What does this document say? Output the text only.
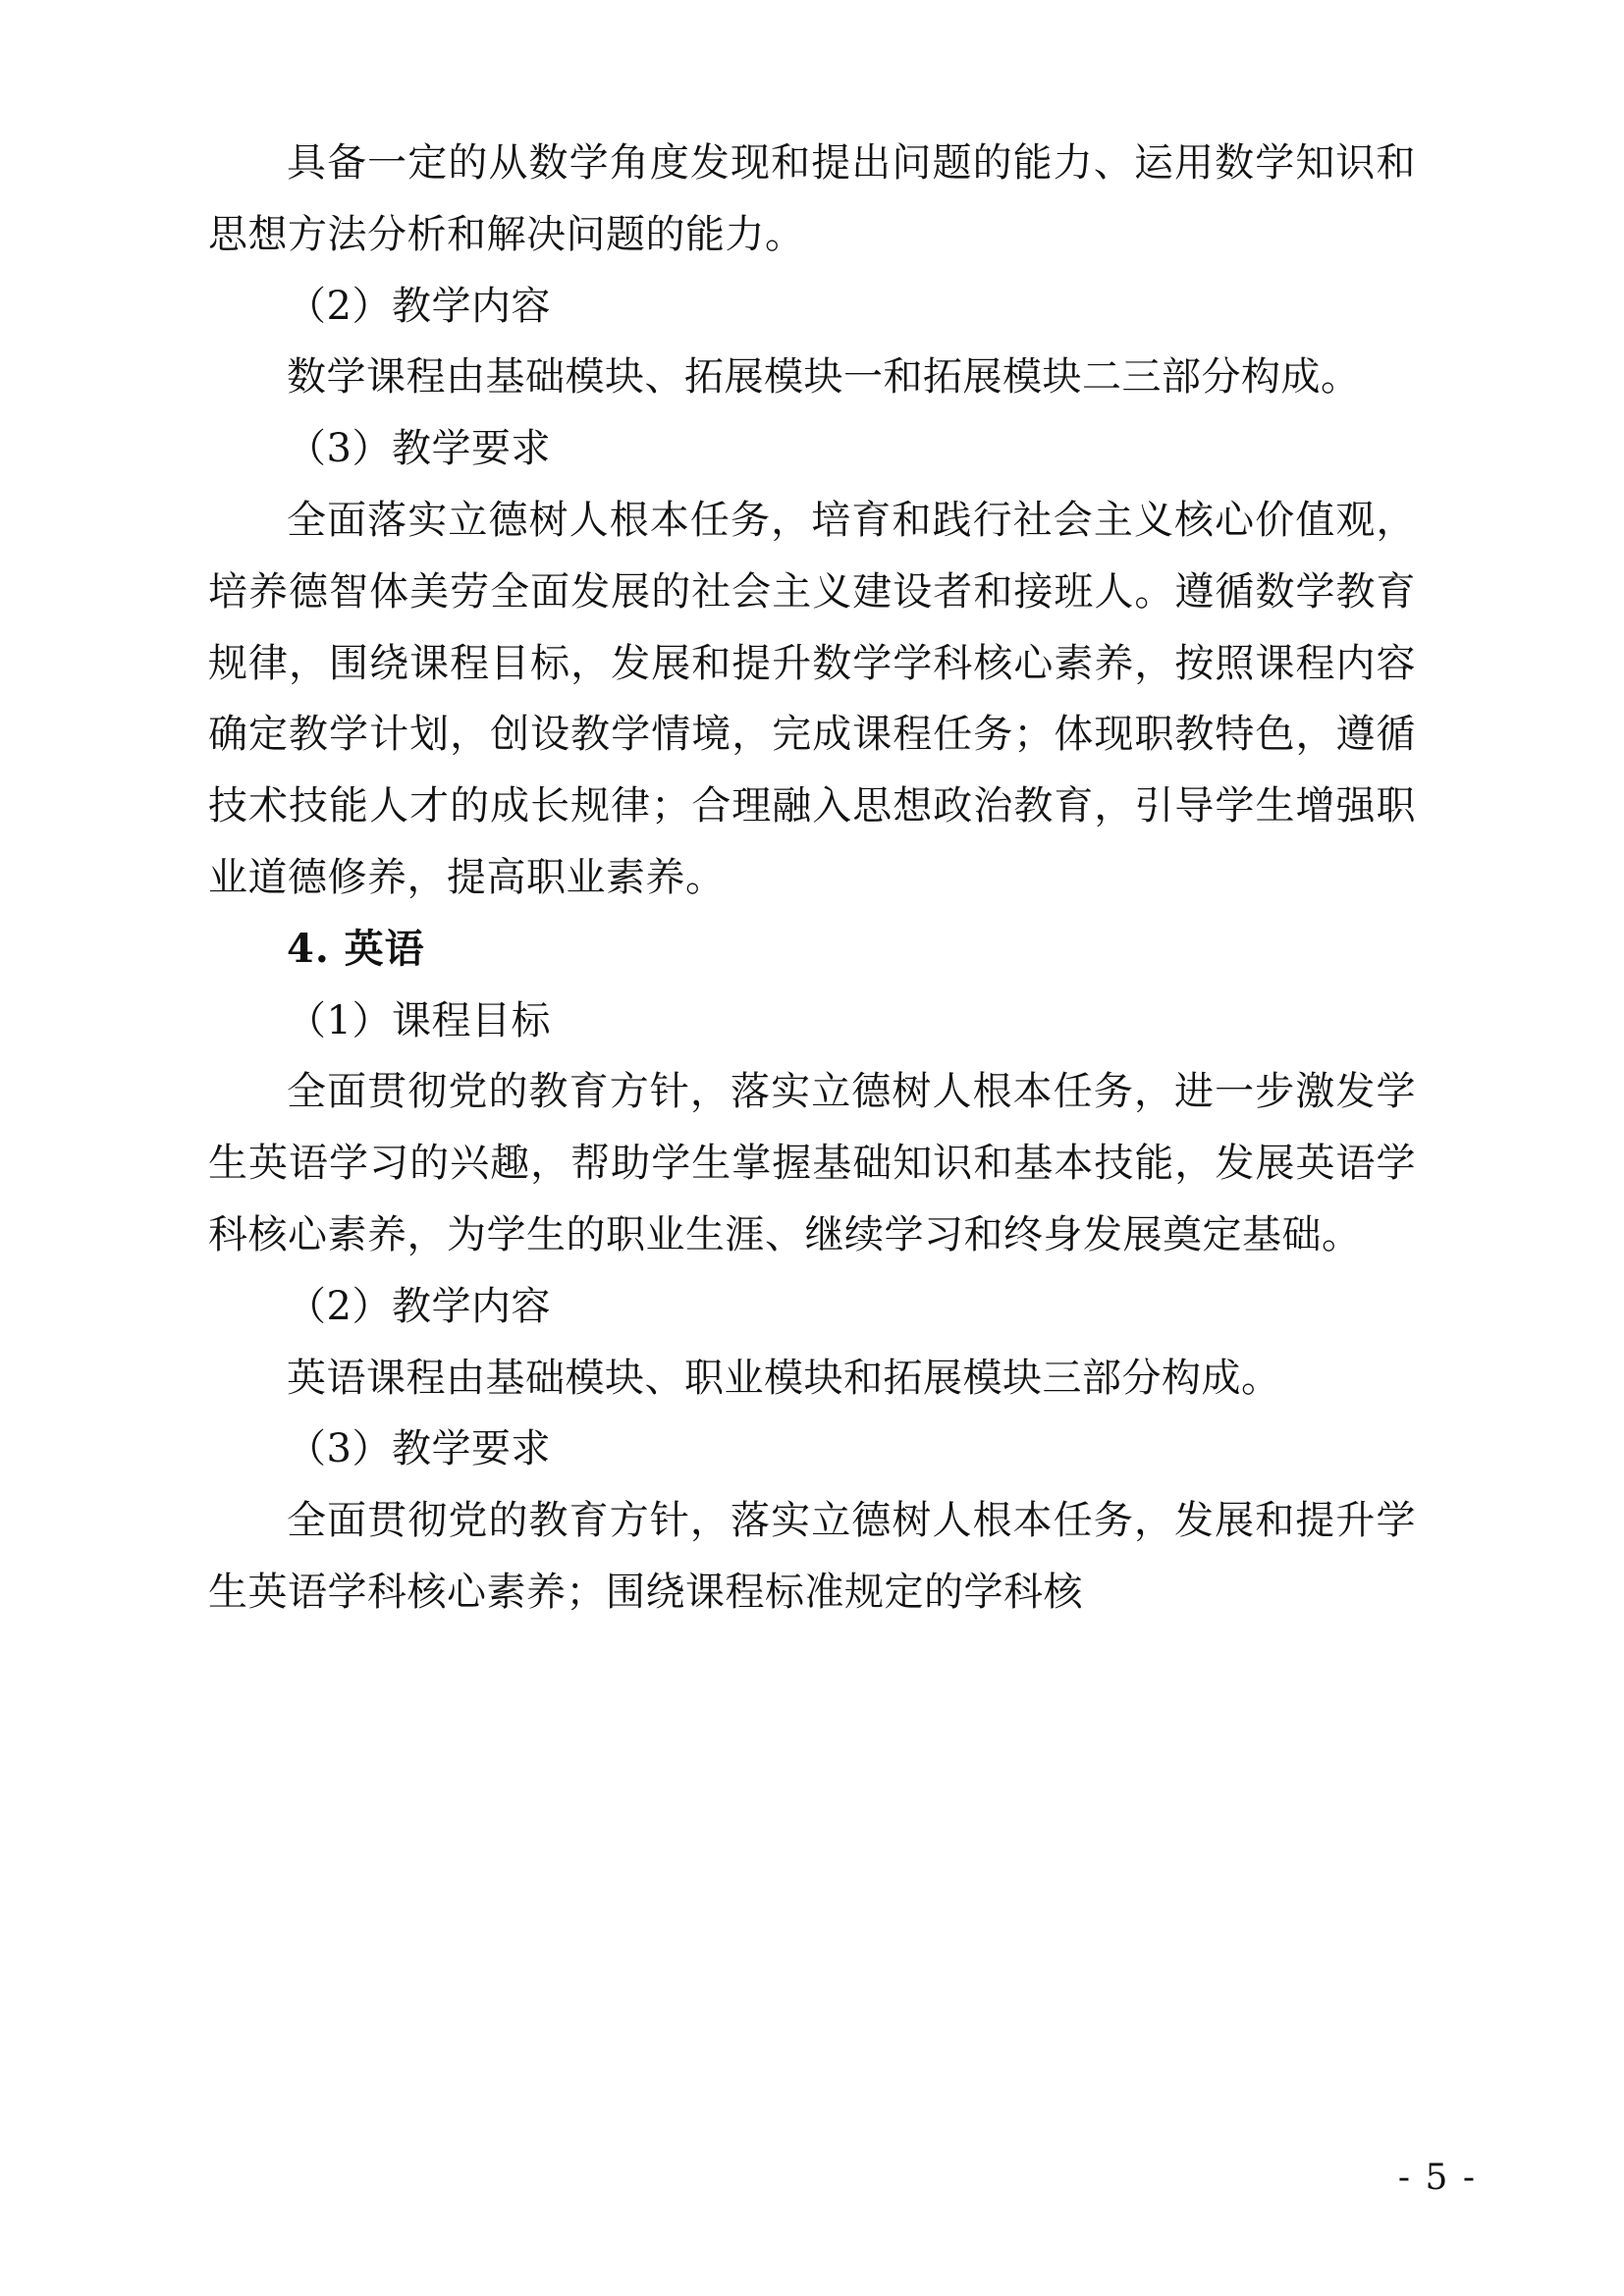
具备一定的从数学角度发现和提出问题的能力、运用数学知识和思想方法分析和解决问题的能力。

（2）教学内容

数学课程由基础模块、拓展模块一和拓展模块二三部分构成。

（3）教学要求

全面落实立德树人根本任务，培育和践行社会主义核心价值观，培养德智体美劳全面发展的社会主义建设者和接班人。遵循数学教育规律，围绕课程目标，发展和提升数学学科核心素养，按照课程内容确定教学计划，创设教学情境，完成课程任务；体现职教特色，遵循技术技能人才的成长规律；合理融入思想政治教育，引导学生增强职业道德修养，提高职业素养。

4. 英语

（1）课程目标

全面贯彻党的教育方针，落实立德树人根本任务，进一步激发学生英语学习的兴趣，帮助学生掌握基础知识和基本技能，发展英语学科核心素养，为学生的职业生涯、继续学习和终身发展奠定基础。

（2）教学内容

英语课程由基础模块、职业模块和拓展模块三部分构成。

（3）教学要求

全面贯彻党的教育方针，落实立德树人根本任务，发展和提升学生英语学科核心素养；围绕课程标准规定的学科核

- 5 -
